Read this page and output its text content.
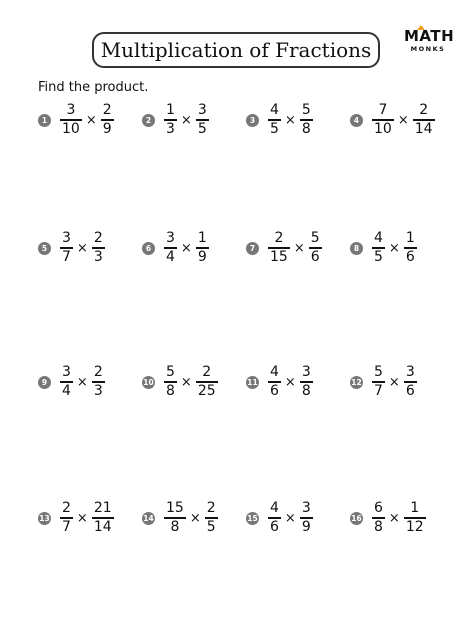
Multiplication of Fractions
MATH
MONKS
Find the product.
$1 \frac{3}{10} \times \frac{2}{9}$	$2 \frac{1}{3} \times \frac{3}{5}$	$3 \frac{4}{5} \times \frac{5}{8}$	$4 \frac{7}{10} \times \frac{2}{14}$
$5 \frac{3}{7} \times \frac{2}{3}$	$6 \frac{3}{4} \times \frac{1}{9}$	$7 \frac{2}{15} \times \frac{5}{6}$	$8 \frac{4}{5} \times \frac{1}{6}$
$9 \frac{3}{4} \times \frac{2}{3}$	$10 \frac{5}{8} \times \frac{2}{25}$	$11 \frac{4}{6} \times \frac{3}{8}$	$12 \frac{5}{7} \times \frac{3}{6}$
$13 \frac{2}{7} \times \frac{21}{14}$	$14 \frac{15}{8} \times \frac{2}{5}$	$15 \frac{4}{6} \times \frac{3}{9}$	$16 \frac{6}{8} \times \frac{1}{12}$
